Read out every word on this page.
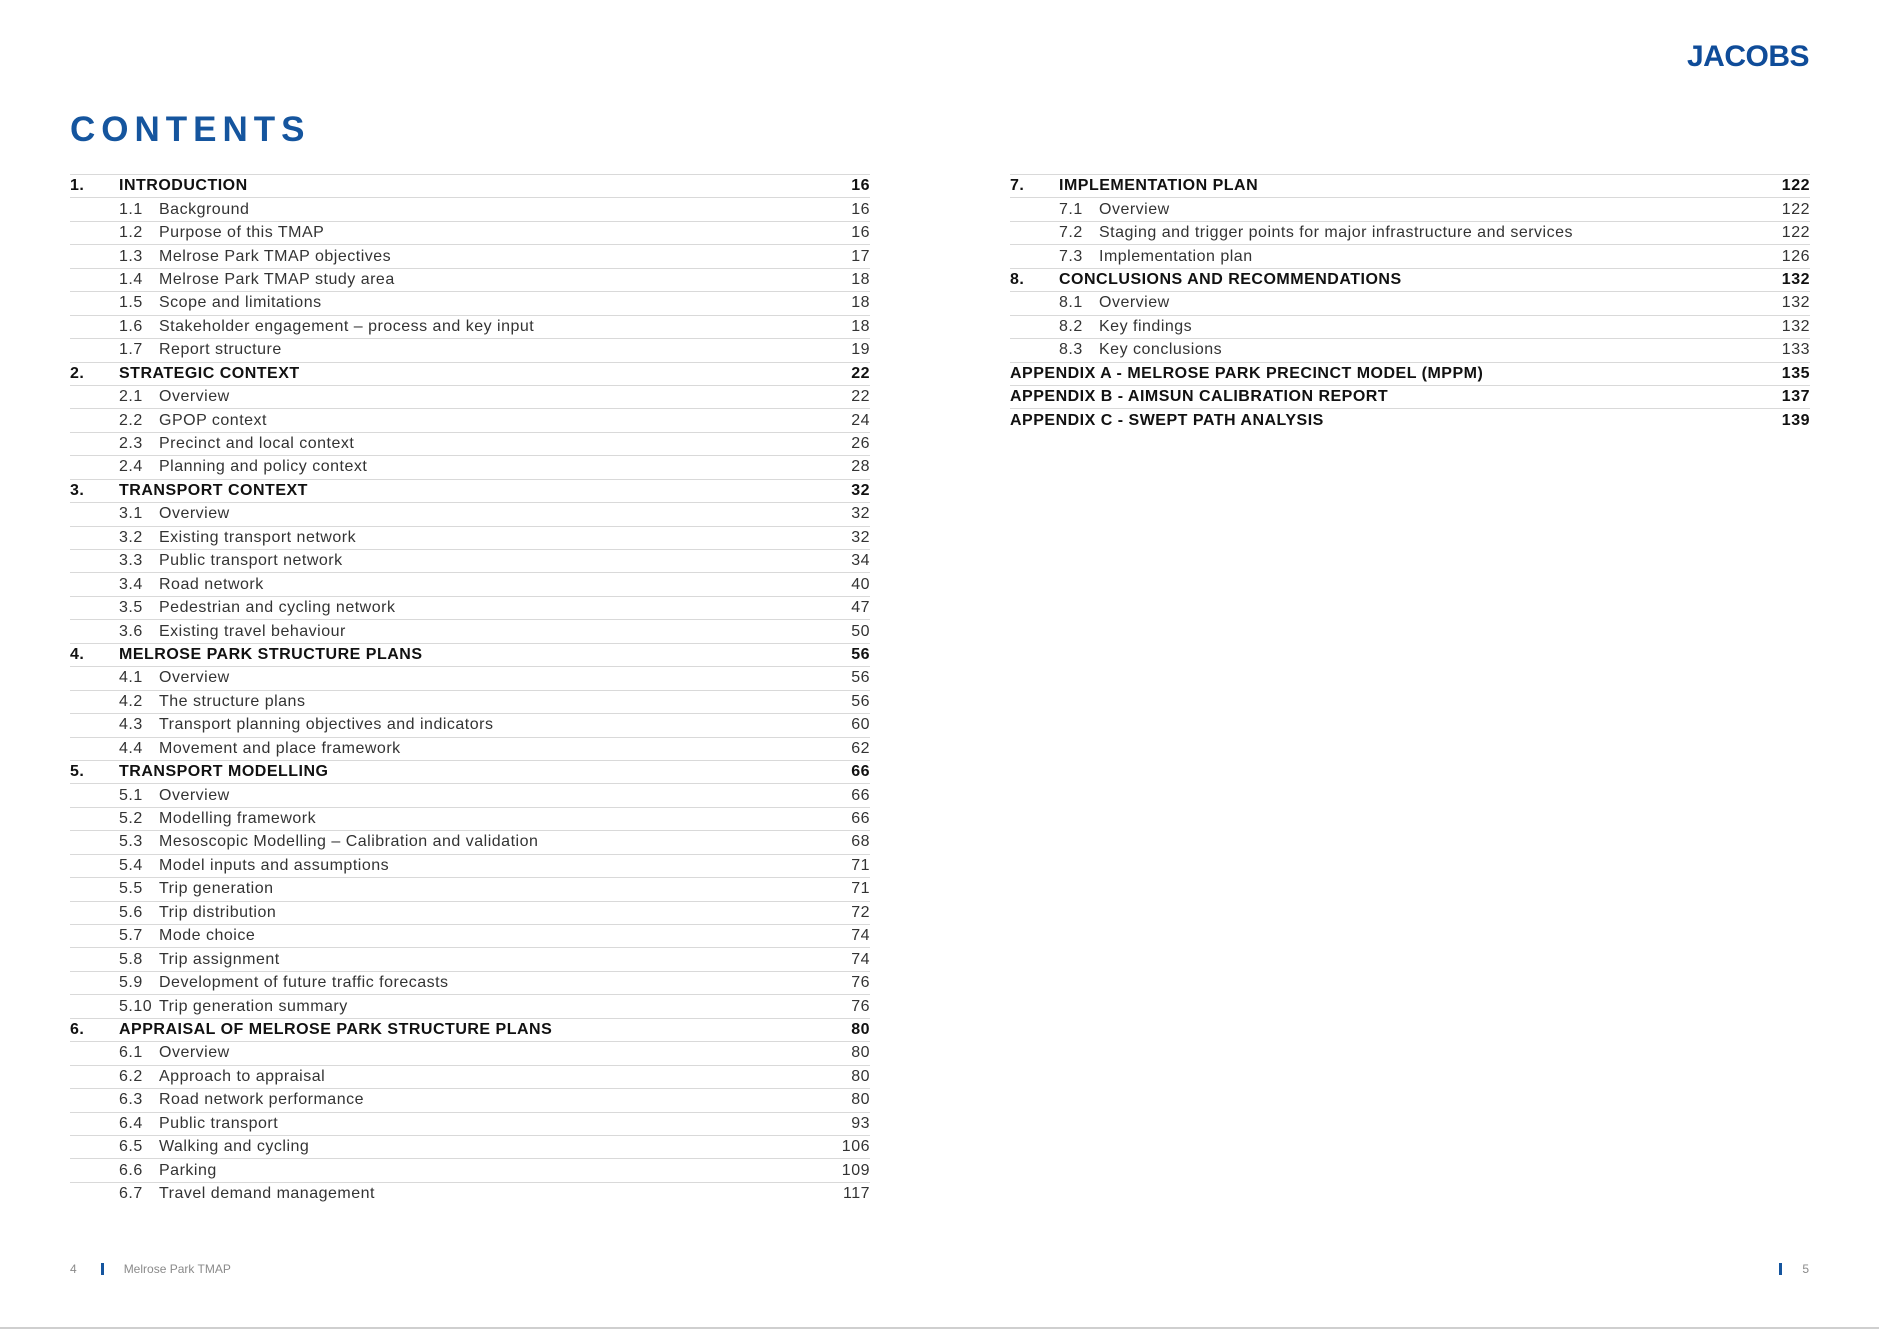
JACOBS
CONTENTS
1.	INTRODUCTION	16
1.1	Background	16
1.2	Purpose of this TMAP	16
1.3	Melrose Park TMAP objectives	17
1.4	Melrose Park TMAP study area	18
1.5	Scope and limitations	18
1.6	Stakeholder engagement – process and key input	18
1.7	Report structure	19
2.	STRATEGIC CONTEXT	22
2.1	Overview	22
2.2	GPOP context	24
2.3	Precinct and local context	26
2.4	Planning and policy context	28
3.	TRANSPORT CONTEXT	32
3.1	Overview	32
3.2	Existing transport network	32
3.3	Public transport network	34
3.4	Road network	40
3.5	Pedestrian and cycling network	47
3.6	Existing travel behaviour	50
4.	MELROSE PARK STRUCTURE PLANS	56
4.1	Overview	56
4.2	The structure plans	56
4.3	Transport planning objectives and indicators	60
4.4	Movement and place framework	62
5.	TRANSPORT MODELLING	66
5.1	Overview	66
5.2	Modelling framework	66
5.3	Mesoscopic Modelling – Calibration and validation	68
5.4	Model inputs and assumptions	71
5.5	Trip generation	71
5.6	Trip distribution	72
5.7	Mode choice	74
5.8	Trip assignment	74
5.9	Development of future traffic forecasts	76
5.10 Trip generation summary	76
6.	APPRAISAL OF MELROSE PARK STRUCTURE PLANS	80
6.1	Overview	80
6.2	Approach to appraisal	80
6.3	Road network performance	80
6.4	Public transport	93
6.5	Walking and cycling	106
6.6	Parking	109
6.7	Travel demand management	117
7.	IMPLEMENTATION PLAN	122
7.1	Overview	122
7.2	Staging and trigger points for major infrastructure and services	122
7.3	Implementation plan	126
8.	CONCLUSIONS AND RECOMMENDATIONS	132
8.1	Overview	132
8.2	Key findings	132
8.3	Key conclusions	133
APPENDIX A - MELROSE PARK PRECINCT MODEL (MPPM)	135
APPENDIX B - AIMSUN CALIBRATION REPORT	137
APPENDIX C - SWEPT PATH ANALYSIS	139
4	Melrose Park TMAP	5
